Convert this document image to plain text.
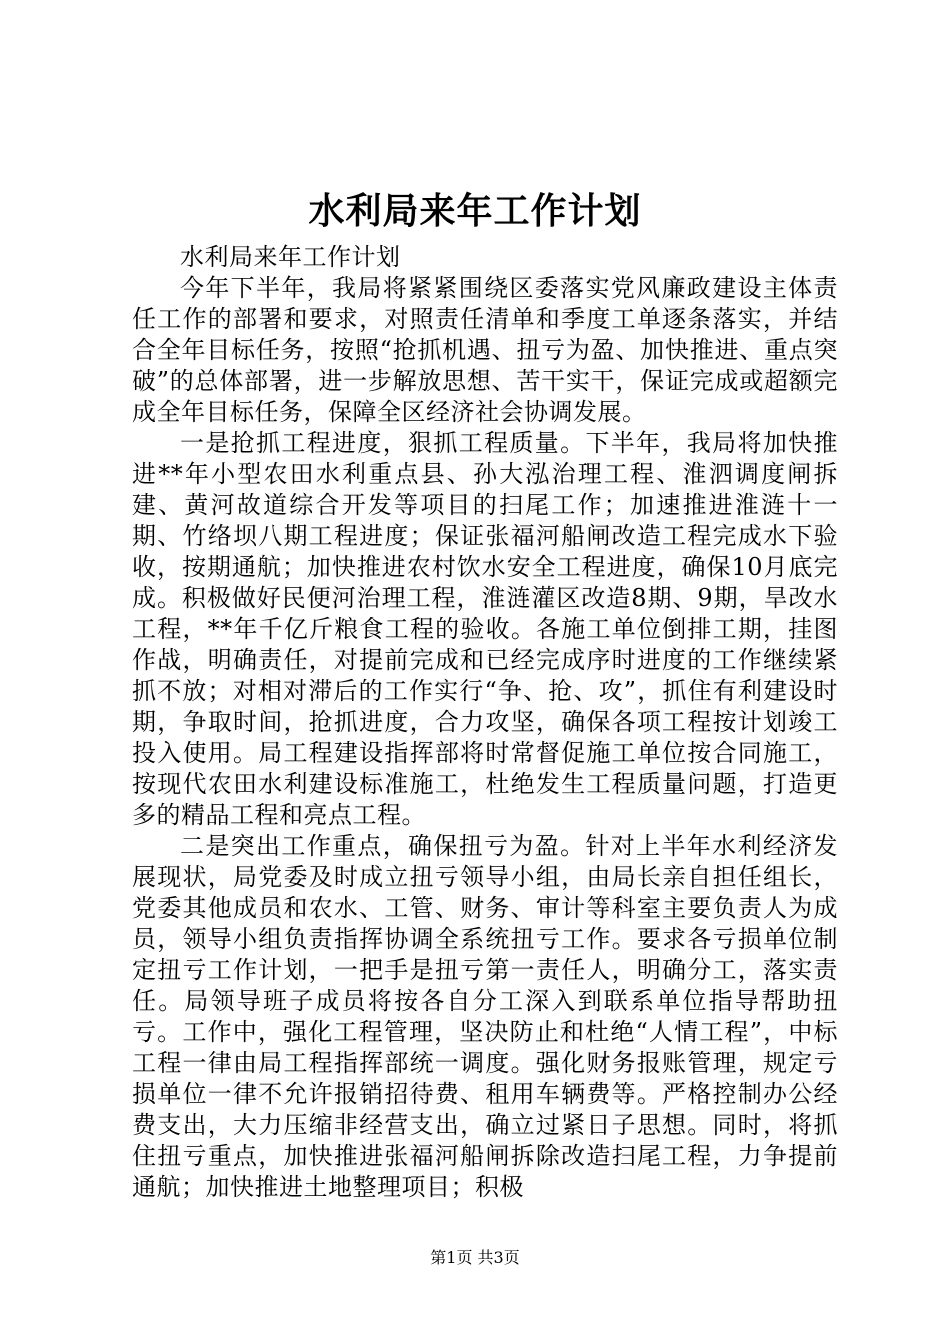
水利局来年工作计划

水利局来年工作计划

今年下半年，我局将紧紧围绕区委落实党风廉政建设主体责任工作的部署和要求，对照责任清单和季度工单逐条落实，并结合全年目标任务，按照“抢抓机遇、扭亏为盈、加快推进、重点突破”的总体部署，进一步解放思想、苦干实干，保证完成或超额完成全年目标任务，保障全区经济社会协调发展。

一是抢抓工程进度，狠抓工程质量。下半年，我局将加快推进**年小型农田水利重点县、孙大泓治理工程、淮泗调度闸拆建、黄河故道综合开发等项目的扫尾工作；加速推进淮涟十一期、竹络坝八期工程进度；保证张福河船闸改造工程完成水下验收，按期通航；加快推进农村饮水安全工程进度，确保10月底完成。积极做好民便河治理工程，淮涟灌区改造8期、9期，旱改水工程，**年千亿斤粮食工程的验收。各施工单位倒排工期，挂图作战，明确责任，对提前完成和已经完成序时进度的工作继续紧抓不放；对相对滞后的工作实行“争、抢、攻”，抓住有利建设时期，争取时间，抢抓进度，合力攻坚，确保各项工程按计划竣工投入使用。局工程建设指挥部将时常督促施工单位按合同施工，按现代农田水利建设标准施工，杜绝发生工程质量问题，打造更多的精品工程和亮点工程。

二是突出工作重点，确保扭亏为盈。针对上半年水利经济发展现状，局党委及时成立扭亏领导小组，由局长亲自担任组长，党委其他成员和农水、工管、财务、审计等科室主要负责人为成员，领导小组负责指挥协调全系统扭亏工作。要求各亏损单位制定扭亏工作计划，一把手是扭亏第一责任人，明确分工，落实责任。局领导班子成员将按各自分工深入到联系单位指导帮助扭亏。工作中，强化工程管理，坚决防止和杜绝“人情工程”，中标工程一律由局工程指挥部统一调度。强化财务报账管理，规定亏损单位一律不允许报销招待费、租用车辆费等。严格控制办公经费支出，大力压缩非经营支出，确立过紧日子思想。同时，将抓住扭亏重点，加快推进张福河船闸拆除改造扫尾工程，力争提前通航；加快推进土地整理项目；积极

第1页 共3页
